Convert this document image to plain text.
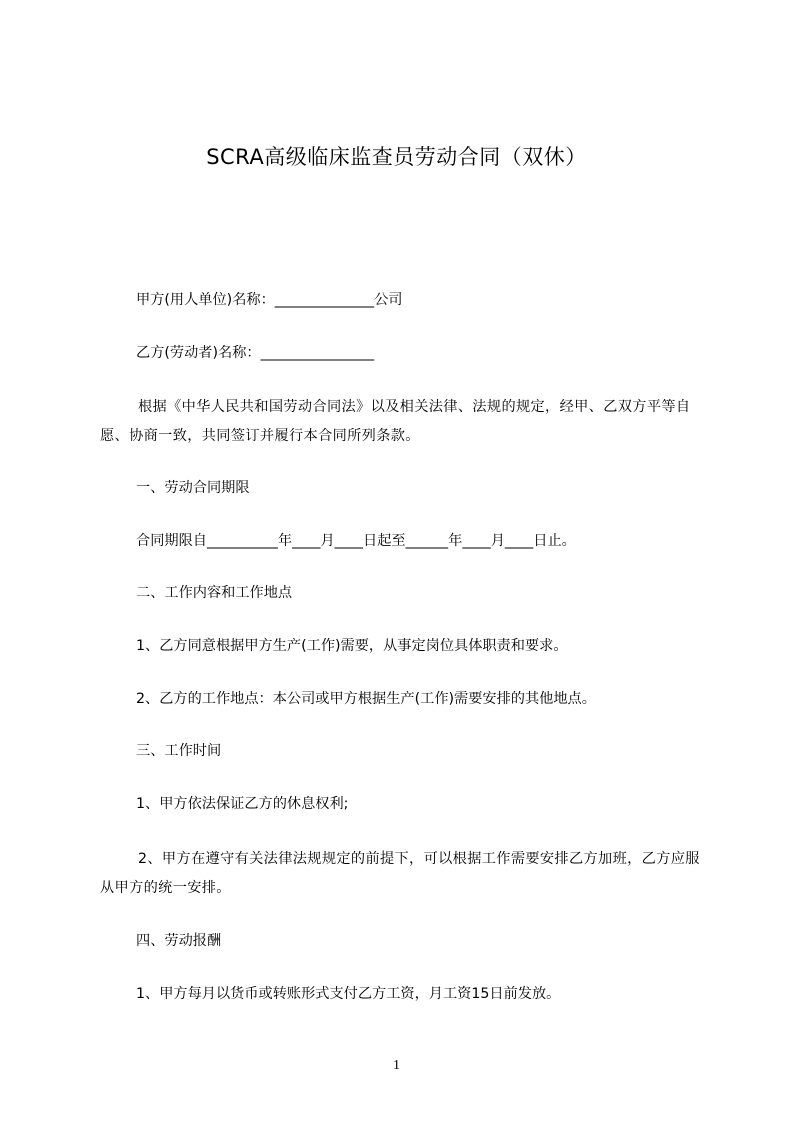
SCRA高级临床监查员劳动合同（双休）
甲方(用人单位)名称：______________公司
乙方(劳动者)名称：________________
根据《中华人民共和国劳动合同法》以及相关法律、法规的规定，经甲、乙双方平等自愿、协商一致，共同签订并履行本合同所列条款。
一、劳动合同期限
合同期限自__________年____月____日起至______年____月____日止。
二、工作内容和工作地点
1、乙方同意根据甲方生产(工作)需要，从事定岗位具体职责和要求。
2、乙方的工作地点：本公司或甲方根据生产(工作)需要安排的其他地点。
三、工作时间
1、甲方依法保证乙方的休息权利;
2、甲方在遵守有关法律法规规定的前提下，可以根据工作需要安排乙方加班，乙方应服从甲方的统一安排。
四、劳动报酬
1、甲方每月以货币或转账形式支付乙方工资，月工资15日前发放。
1
